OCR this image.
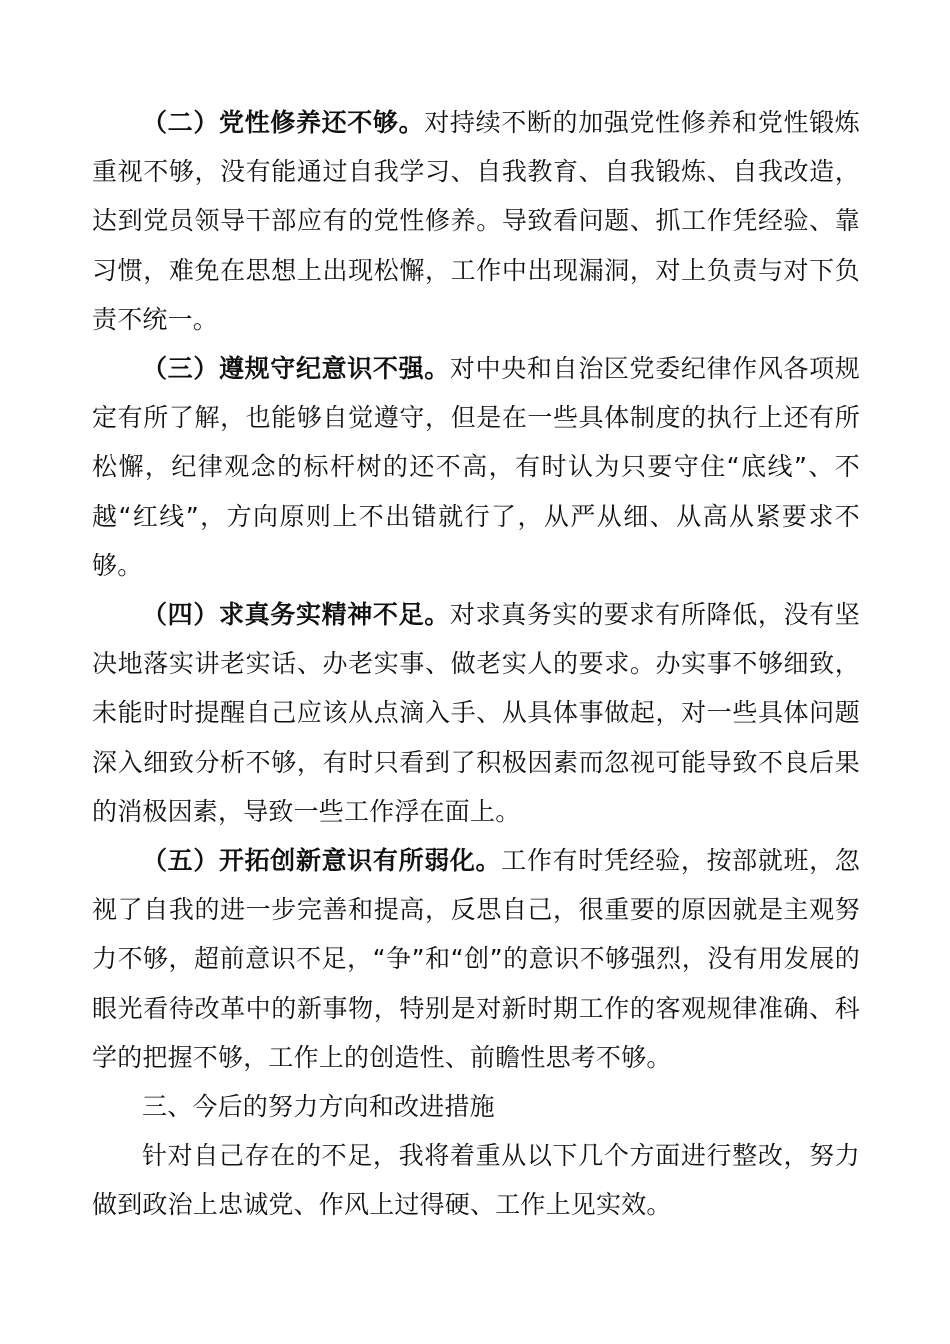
（二）党性修养还不够。对持续不断的加强党性修养和党性锻炼重视不够，没有能通过自我学习、自我教育、自我锻炼、自我改造，达到党员领导干部应有的党性修养。导致看问题、抓工作凭经验、靠习惯，难免在思想上出现松懈，工作中出现漏洞，对上负责与对下负责不统一。

（三）遵规守纪意识不强。对中央和自治区党委纪律作风各项规定有所了解，也能够自觉遵守，但是在一些具体制度的执行上还有所松懈，纪律观念的标杆树的还不高，有时认为只要守住“底线”、不越“红线”，方向原则上不出错就行了，从严从细、从高从紧要求不够。

（四）求真务实精神不足。对求真务实的要求有所降低，没有坚决地落实讲老实话、办老实事、做老实人的要求。办实事不够细致，未能时时提醒自己应该从点滴入手、从具体事做起，对一些具体问题深入细致分析不够，有时只看到了积极因素而忽视可能导致不良后果的消极因素，导致一些工作浮在面上。

（五）开拓创新意识有所弱化。工作有时凭经验，按部就班，忽视了自我的进一步完善和提高，反思自己，很重要的原因就是主观努力不够，超前意识不足，“争”和“创”的意识不够强烈，没有用发展的眼光看待改革中的新事物，特别是对新时期工作的客观规律准确、科学的把握不够，工作上的创造性、前瞻性思考不够。

三、今后的努力方向和改进措施

针对自己存在的不足，我将着重从以下几个方面进行整改，努力做到政治上忠诚党、作风上过得硬、工作上见实效。
